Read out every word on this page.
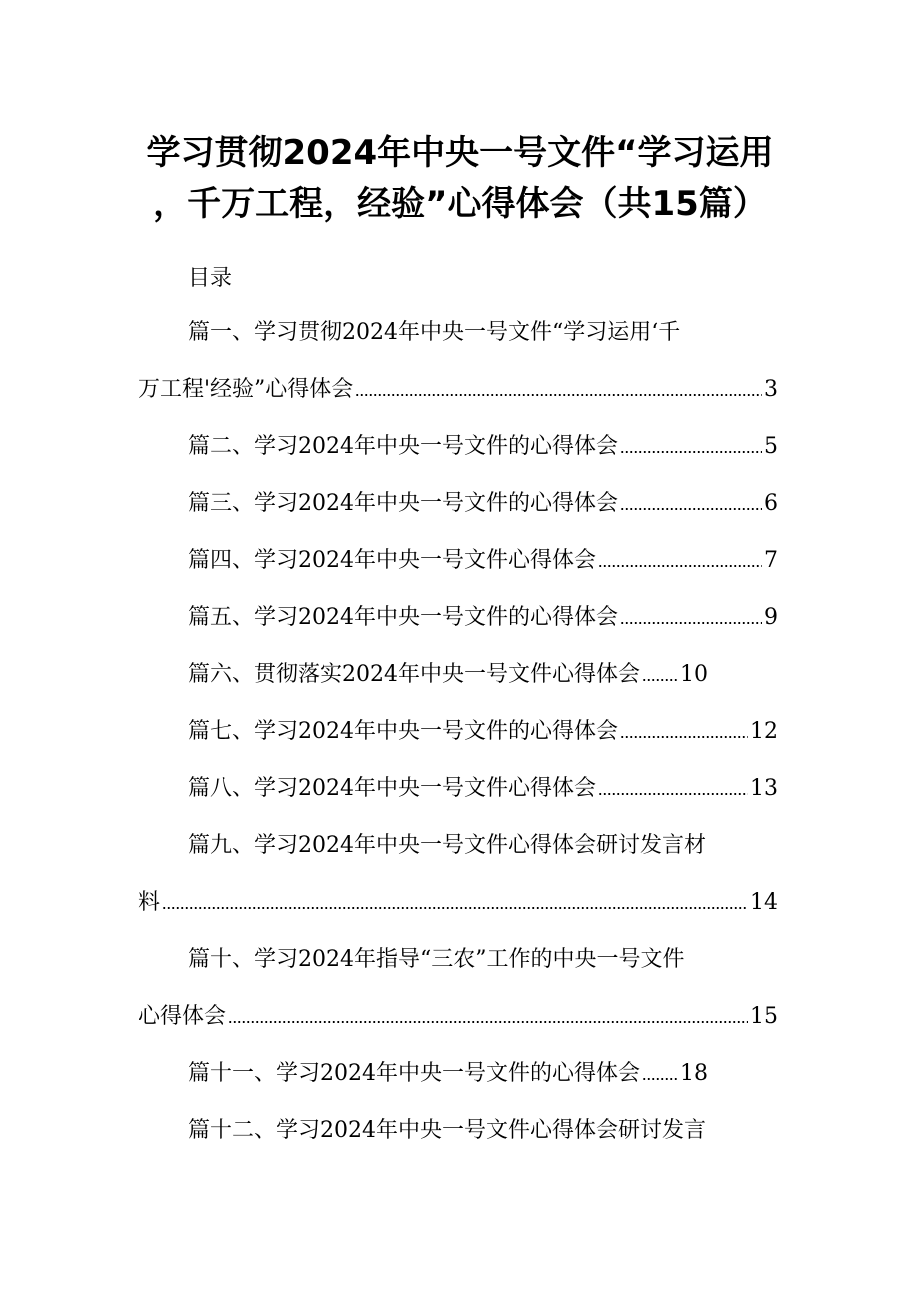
学习贯彻2024年中央一号文件“学习运用
，千万工程，经验”心得体会（共15篇）
目录
篇一、学习贯彻2024年中央一号文件“学习运用‘千
万工程'经验”心得体会	3
篇二、学习2024年中央一号文件的心得体会	5
篇三、学习2024年中央一号文件的心得体会	6
篇四、学习2024年中央一号文件心得体会	7
篇五、学习2024年中央一号文件的心得体会	9
篇六、贯彻落实2024年中央一号文件心得体会 10
篇七、学习2024年中央一号文件的心得体会	12
篇八、学习2024年中央一号文件心得体会	13
篇九、学习2024年中央一号文件心得体会研讨发言材
料	14
篇十、学习2024年指导“三农”工作的中央一号文件
心得体会	15
篇十一、学习2024年中央一号文件的心得体会 18
篇十二、学习2024年中央一号文件心得体会研讨发言
